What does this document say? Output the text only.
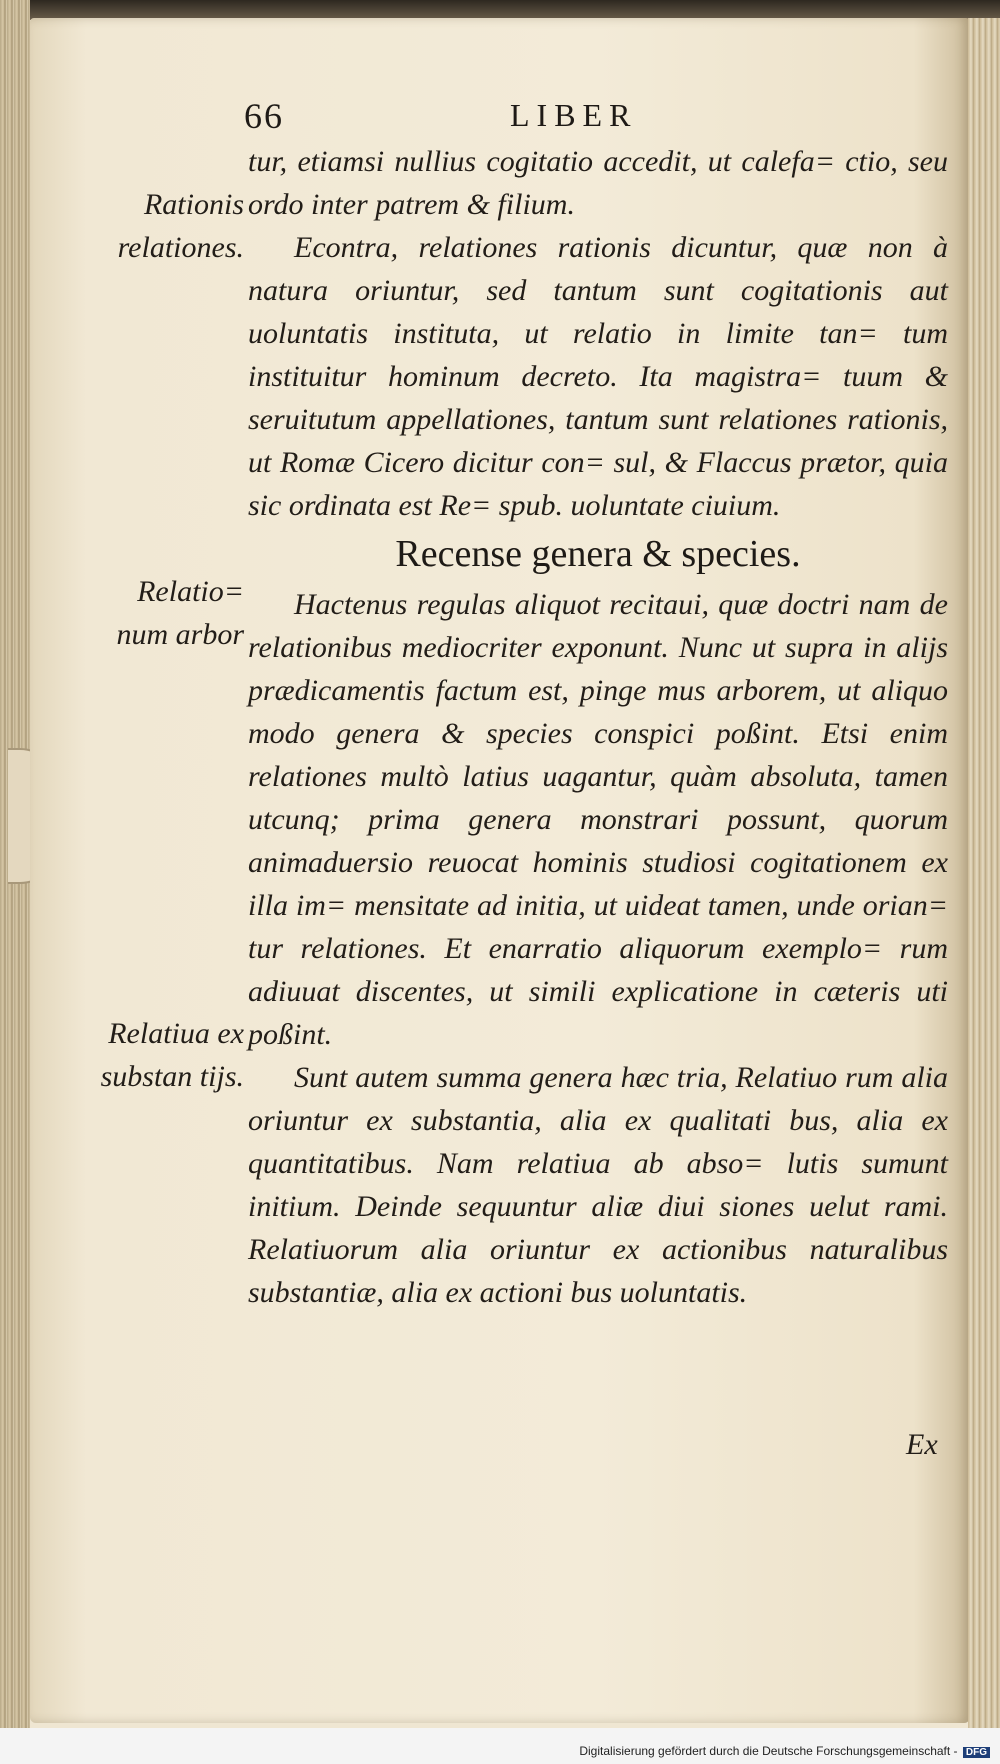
66	LIBER
Rationis relationes.
Relatio= num arbor
Relatiua ex substan tijs.

tur, etiamsi nullius cogitatio accedit, ut calefa= ctio, seu ordo inter patrem & filium.

Econtra, relationes rationis dicuntur, quæ non à natura oriuntur, sed tantum sunt cogitationis aut uoluntatis instituta, ut relatio in limite tan= tum instituitur hominum decreto. Ita magistra= tuum & seruitutum appellationes, tantum sunt relationes rationis, ut Romæ Cicero dicitur con= sul, & Flaccus prætor, quia sic ordinata est Re= spub. uoluntate ciuium.

Recense genera & species.

Hactenus regulas aliquot recitaui, quæ doctri nam de relationibus mediocriter exponunt. Nunc ut supra in alijs prædicamentis factum est, pinge mus arborem, ut aliquo modo genera & species conspici poßint. Etsi enim relationes multò latius uagantur, quàm absoluta, tamen utcunq; prima genera monstrari possunt, quorum animaduersio reuocat hominis studiosi cogitationem ex illa im= mensitate ad initia, ut uideat tamen, unde orian= tur relationes. Et enarratio aliquorum exemplo= rum adiuuat discentes, ut simili explicatione in cæteris uti poßint.

Sunt autem summa genera hæc tria, Relatiuo rum alia oriuntur ex substantia, alia ex qualitati bus, alia ex quantitatibus. Nam relatiua ab abso= lutis sumunt initium. Deinde sequuntur aliæ diui siones uelut rami. Relatiuorum alia oriuntur ex actionibus naturalibus substantiæ, alia ex actioni bus uoluntatis.

Ex
Digitalisierung gefördert durch die Deutsche Forschungsgemeinschaft - DFG
